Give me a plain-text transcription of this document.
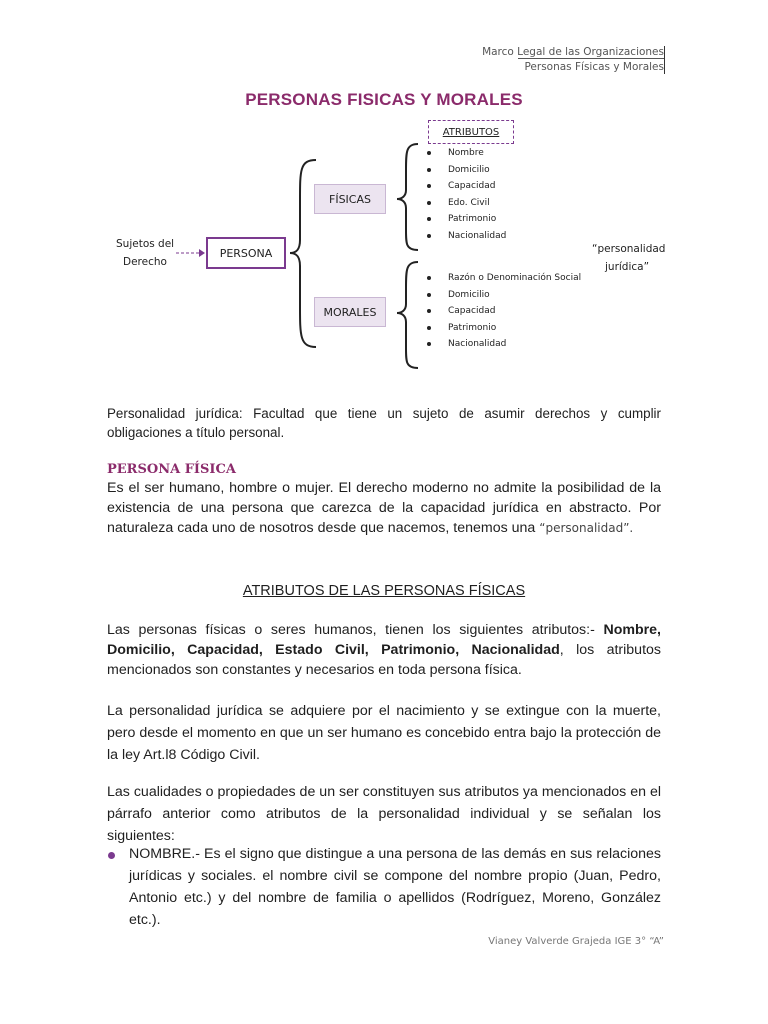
Marco Legal de las Organizaciones
Personas Físicas y Morales
PERSONAS FISICAS Y MORALES
Sujetos del
Derecho
PERSONA
FÍSICAS
MORALES
ATRIBUTOS
Nombre
Domicilio
Capacidad
Edo. Civil
Patrimonio
Nacionalidad
Razón o Denominación Social
Domicilio
Capacidad
Patrimonio
Nacionalidad
“personalidad
jurídica”
Personalidad jurídica: Facultad que tiene un sujeto de asumir derechos y cumplir obligaciones a título personal.
PERSONA FÍSICA
Es el ser humano, hombre o mujer. El derecho moderno no admite la posibilidad de la existencia de una persona que carezca de la capacidad jurídica en abstracto. Por naturaleza cada uno de nosotros desde que nacemos, tenemos una “personalidad”.
ATRIBUTOS DE LAS PERSONAS FÍSICAS
Las personas físicas o seres humanos, tienen los siguientes atributos:- Nombre, Domicilio, Capacidad, Estado Civil, Patrimonio, Nacionalidad, los atributos mencionados son constantes y necesarios en toda persona física.
La personalidad jurídica se adquiere por el nacimiento y se extingue con la muerte, pero desde el momento en que un ser humano es concebido entra bajo la protección de la ley Art.l8 Código Civil.
Las cualidades o propiedades de un ser constituyen sus atributos ya mencionados en el párrafo anterior como atributos de la personalidad individual y se señalan los siguientes:
NOMBRE.- Es el signo que distingue a una persona de las demás en sus relaciones jurídicas y sociales. el nombre civil se compone del nombre propio (Juan, Pedro, Antonio etc.) y del nombre de familia o apellidos (Rodríguez, Moreno, González etc.).
Vianey Valverde Grajeda IGE 3° “A”
